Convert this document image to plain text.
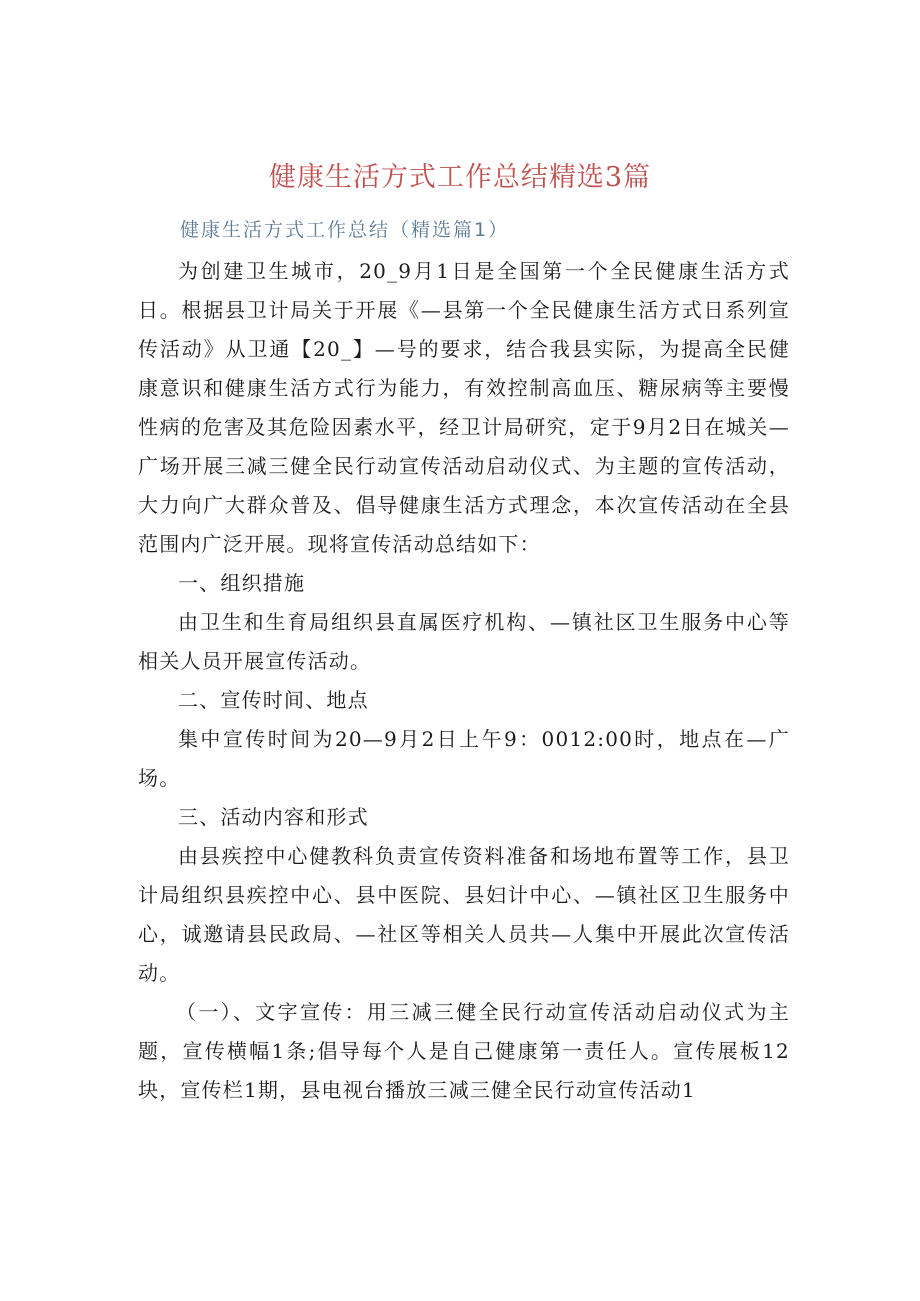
健康生活方式工作总结精选3篇
健康生活方式工作总结（精选篇1）

为创建卫生城市，20_9月1日是全国第一个全民健康生活方式日。根据县卫计局关于开展《—县第一个全民健康生活方式日系列宣传活动》从卫通【20_】—号的要求，结合我县实际，为提高全民健康意识和健康生活方式行为能力，有效控制高血压、糖尿病等主要慢性病的危害及其危险因素水平，经卫计局研究，定于9月2日在城关—广场开展三减三健全民行动宣传活动启动仪式、为主题的宣传活动，大力向广大群众普及、倡导健康生活方式理念，本次宣传活动在全县范围内广泛开展。现将宣传活动总结如下：

一、组织措施

由卫生和生育局组织县直属医疗机构、—镇社区卫生服务中心等相关人员开展宣传活动。

二、宣传时间、地点

集中宣传时间为20—9月2日上午9：0012:00时，地点在—广场。

三、活动内容和形式

由县疾控中心健教科负责宣传资料准备和场地布置等工作，县卫计局组织县疾控中心、县中医院、县妇计中心、—镇社区卫生服务中心，诚邀请县民政局、—社区等相关人员共—人集中开展此次宣传活动。

（一）、文字宣传：用三减三健全民行动宣传活动启动仪式为主题，宣传横幅1条;倡导每个人是自己健康第一责任人。宣传展板12块，宣传栏1期，县电视台播放三减三健全民行动宣传活动1
